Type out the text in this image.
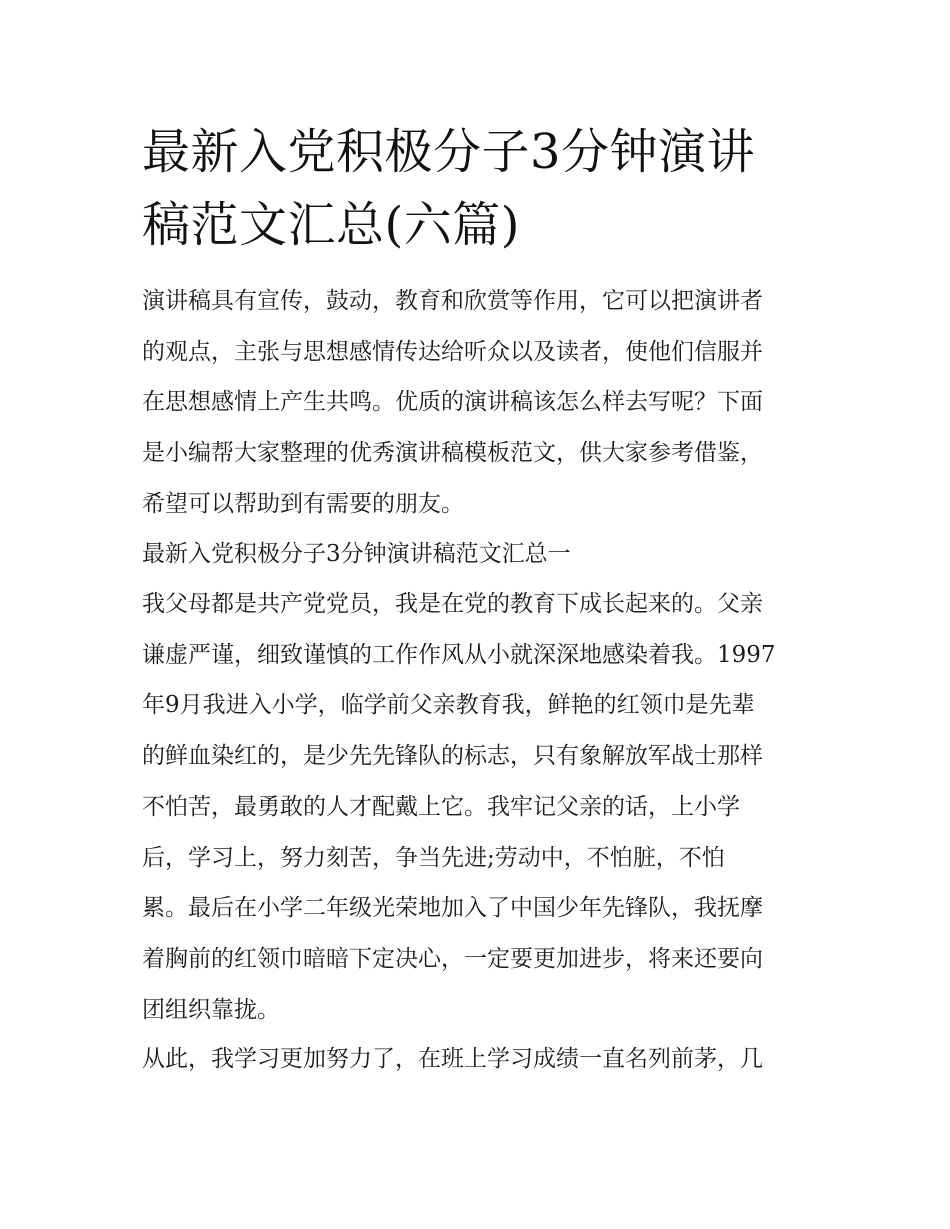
最新入党积极分子3分钟演讲
稿范文汇总(六篇)

演讲稿具有宣传，鼓动，教育和欣赏等作用，它可以把演讲者
的观点，主张与思想感情传达给听众以及读者，使他们信服并
在思想感情上产生共鸣。优质的演讲稿该怎么样去写呢？下面
是小编帮大家整理的优秀演讲稿模板范文，供大家参考借鉴，
希望可以帮助到有需要的朋友。

最新入党积极分子3分钟演讲稿范文汇总一

我父母都是共产党党员，我是在党的教育下成长起来的。父亲
谦虚严谨，细致谨慎的工作作风从小就深深地感染着我。1997
年9月我进入小学，临学前父亲教育我，鲜艳的红领巾是先辈
的鲜血染红的，是少先先锋队的标志，只有象解放军战士那样
不怕苦，最勇敢的人才配戴上它。我牢记父亲的话，上小学
后，学习上，努力刻苦，争当先进;劳动中，不怕脏，不怕
累。最后在小学二年级光荣地加入了中国少年先锋队，我抚摩
着胸前的红领巾暗暗下定决心，一定要更加进步，将来还要向
团组织靠拢。

从此，我学习更加努力了，在班上学习成绩一直名列前茅，几
